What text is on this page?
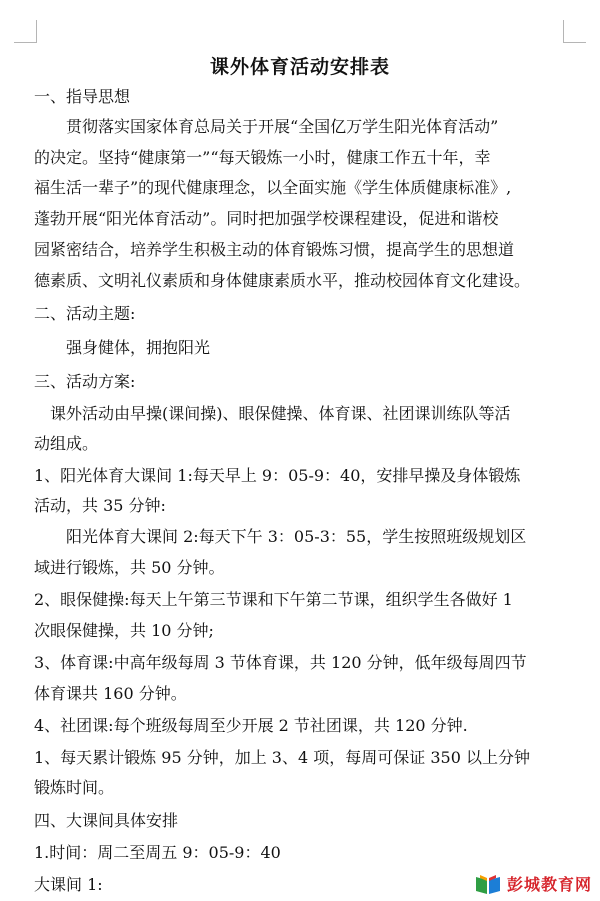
课外体育活动安排表
一、指导思想
贯彻落实国家体育总局关于开展“全国亿万学生阳光体育活动”
的决定。坚持“健康第一”“每天锻炼一小时，健康工作五十年，幸
福生活一辈子”的现代健康理念，以全面实施《学生体质健康标准》,
蓬勃开展“阳光体育活动”。同时把加强学校课程建设，促进和谐校
园紧密结合，培养学生积极主动的体育锻炼习惯，提高学生的思想道
德素质、文明礼仪素质和身体健康素质水平，推动校园体育文化建设。
二、活动主题:
强身健体，拥抱阳光
三、活动方案:
课外活动由早操(课间操)、眼保健操、体育课、社团课训练队等活
动组成。
1、阳光体育大课间 1:每天早上 9：05-9：40，安排早操及身体锻炼
活动，共 35 分钟:
阳光体育大课间 2:每天下午 3：05-3：55，学生按照班级规划区
域进行锻炼，共 50 分钟。
2、眼保健操:每天上午第三节课和下午第二节课，组织学生各做好 1
次眼保健操，共 10 分钟;
3、体育课:中高年级每周 3 节体育课，共 120 分钟，低年级每周四节
体育课共 160 分钟。
4、社团课:每个班级每周至少开展 2 节社团课，共 120 分钟.
1、每天累计锻炼 95 分钟，加上 3、4 项，每周可保证 350 以上分钟
锻炼时间。
四、大课间具体安排
1.时间：周二至周五 9：05-9：40
大课间 1:	彭城教育网
